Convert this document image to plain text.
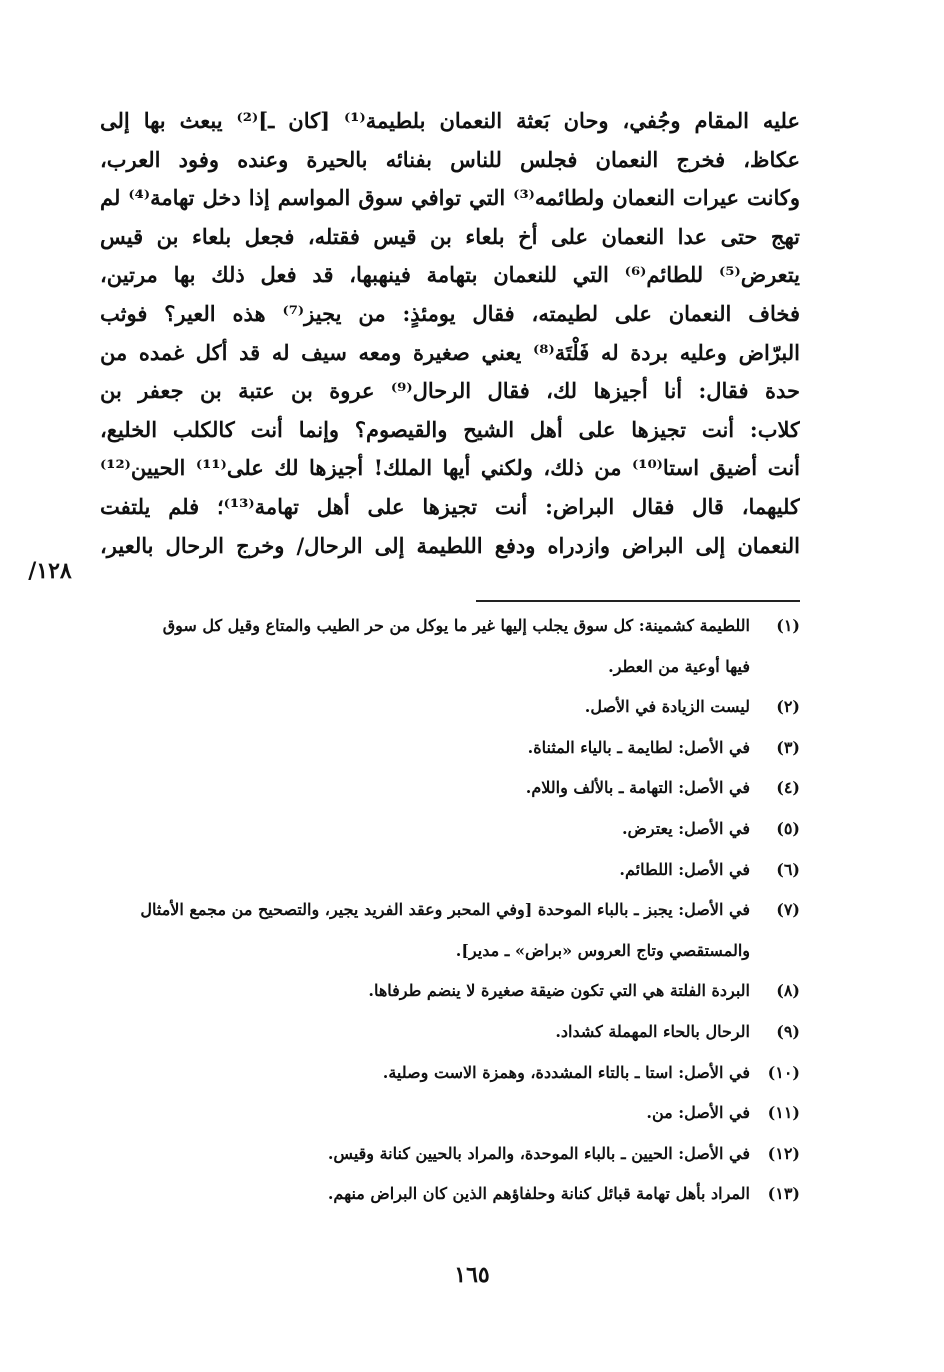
عليه المقام وجُفي، وحان بَعثة النعمان بلطيمة⁽¹⁾ [كان ـ]⁽²⁾ يبعث بها إلى
عكاظ، فخرج النعمان فجلس للناس بفنائه بالحيرة وعنده وفود العرب،
وكانت عيرات النعمان ولطائمه⁽³⁾ التي توافي سوق المواسم إذا دخل تهامة⁽⁴⁾ لم
تهج حتى عدا النعمان على أخ بلعاء بن قيس فقتله، فجعل بلعاء بن قيس
يتعرض⁽⁵⁾ للطائم⁽⁶⁾ التي للنعمان بتهامة فينهبها، قد فعل ذلك بها مرتين،
فخاف النعمان على لطيمته، فقال يومئذٍ: من يجيز⁽⁷⁾ هذه العير؟ فوثب
البرّاض وعليه بردة له فَلْتَة⁽⁸⁾ يعني صغيرة ومعه سيف له قد أكل غمده من
حدة فقال: أنا أجيزها لك، فقال الرحال⁽⁹⁾ عروة بن عتبة بن جعفر بن
كلاب: أنت تجيزها على أهل الشيح والقيصوم؟ وإنما أنت كالكلب الخليع،
أنت أضيق استا⁽¹⁰⁾ من ذلك، ولكني أيها الملك! أجيزها لك على⁽¹¹⁾ الحيين⁽¹²⁾
كليهما، قال فقال البراض: أنت تجيزها على أهل تهامة⁽¹³⁾؛ فلم يلتفت
النعمان إلى البراض وازدراه ودفع اللطيمة إلى الرحال/ وخرج الرحال بالعير،
١٢٨/
(١)اللطيمة كشمينة: كل سوق يجلب إليها غير ما يوكل من حر الطيب والمتاع وقيل كل سوق
فيها أوعية من العطر.
(٢)ليست الزيادة في الأصل.
(٣)في الأصل: لطايمة ـ بالياء المثناة.
(٤)في الأصل: التهامة ـ بالألف واللام.
(٥)في الأصل: يعترض.
(٦)في الأصل: اللطائم.
(٧)في الأصل: يجبز ـ بالباء الموحدة [وفي المحبر وعقد الفريد يجير، والتصحيح من مجمع الأمثال
والمستقصي وتاج العروس «براض» ـ مدير].
(٨)البردة الفلتة هي التي تكون ضيقة صغيرة لا ينضم طرفاها.
(٩)الرحال بالحاء المهملة كشداد.
(١٠)في الأصل: استا ـ بالتاء المشددة، وهمزة الاست وصلية.
(١١)في الأصل: من.
(١٢)في الأصل: الحيين ـ بالباء الموحدة، والمراد بالحيين كنانة وقيس.
(١٣)المراد بأهل تهامة قبائل كنانة وحلفاؤهم الذين كان البراض منهم.
١٦٥
